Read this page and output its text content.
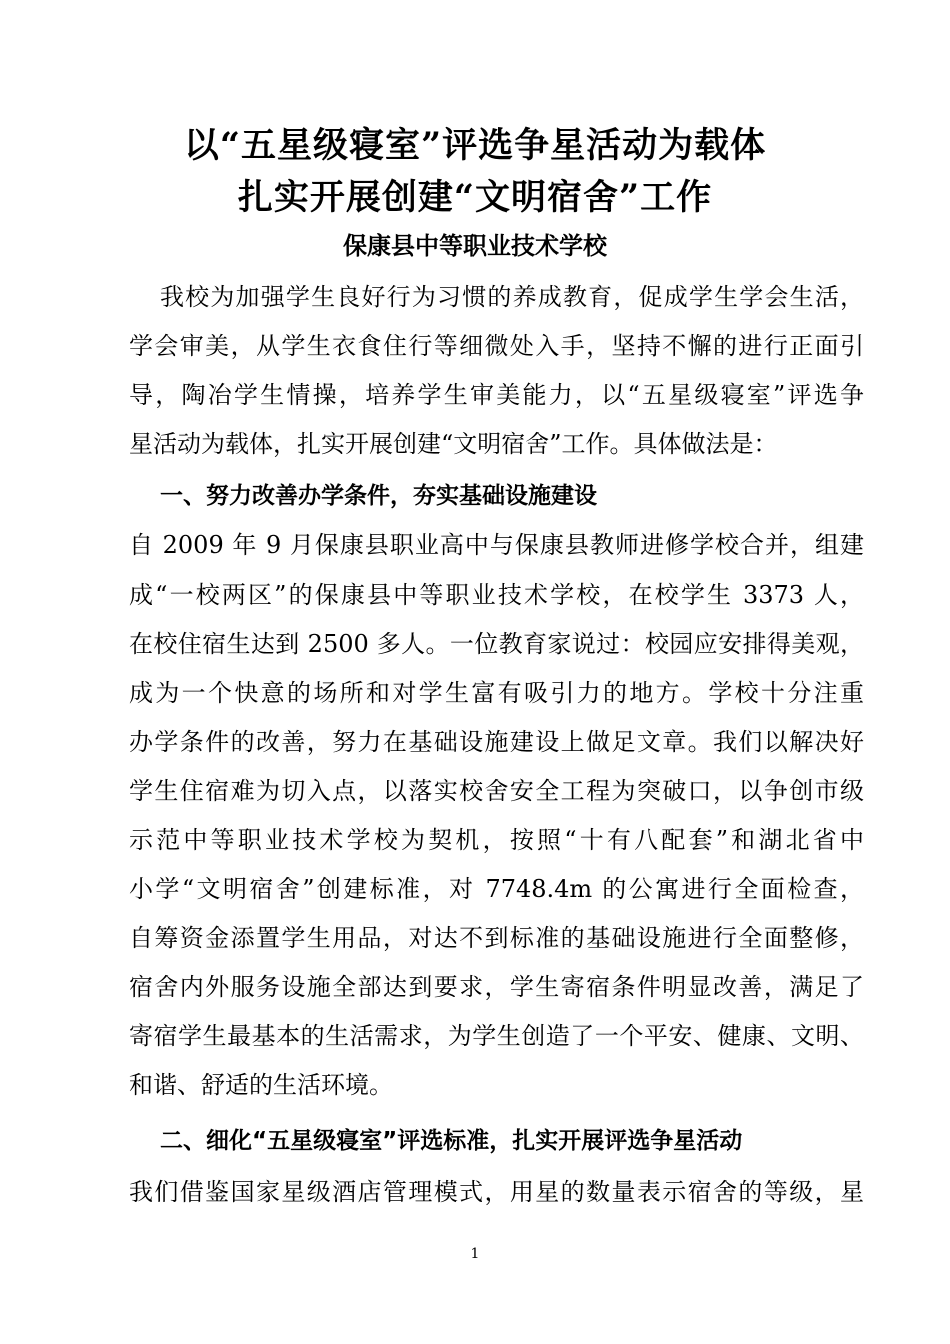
以“五星级寝室”评选争星活动为载体
扎实开展创建“文明宿舍”工作
保康县中等职业技术学校
我校为加强学生良好行为习惯的养成教育，促成学生学会生活，
学会审美，从学生衣食住行等细微处入手，坚持不懈的进行正面引
导，陶冶学生情操，培养学生审美能力，以“五星级寝室”评选争
星活动为载体，扎实开展创建“文明宿舍”工作。具体做法是：
一、努力改善办学条件，夯实基础设施建设
自 2009 年 9 月保康县职业高中与保康县教师进修学校合并，组建
成“一校两区”的保康县中等职业技术学校，在校学生 3373 人，
在校住宿生达到 2500 多人。一位教育家说过：校园应安排得美观，
成为一个快意的场所和对学生富有吸引力的地方。学校十分注重
办学条件的改善，努力在基础设施建设上做足文章。我们以解决好
学生住宿难为切入点，以落实校舍安全工程为突破口，以争创市级
示范中等职业技术学校为契机，按照“十有八配套”和湖北省中
小学“文明宿舍”创建标准，对 7748.4m 的公寓进行全面检查，
自筹资金添置学生用品，对达不到标准的基础设施进行全面整修，
宿舍内外服务设施全部达到要求，学生寄宿条件明显改善，满足了
寄宿学生最基本的生活需求，为学生创造了一个平安、健康、文明、
和谐、舒适的生活环境。
二、细化“五星级寝室”评选标准，扎实开展评选争星活动
我们借鉴国家星级酒店管理模式，用星的数量表示宿舍的等级，星
1
